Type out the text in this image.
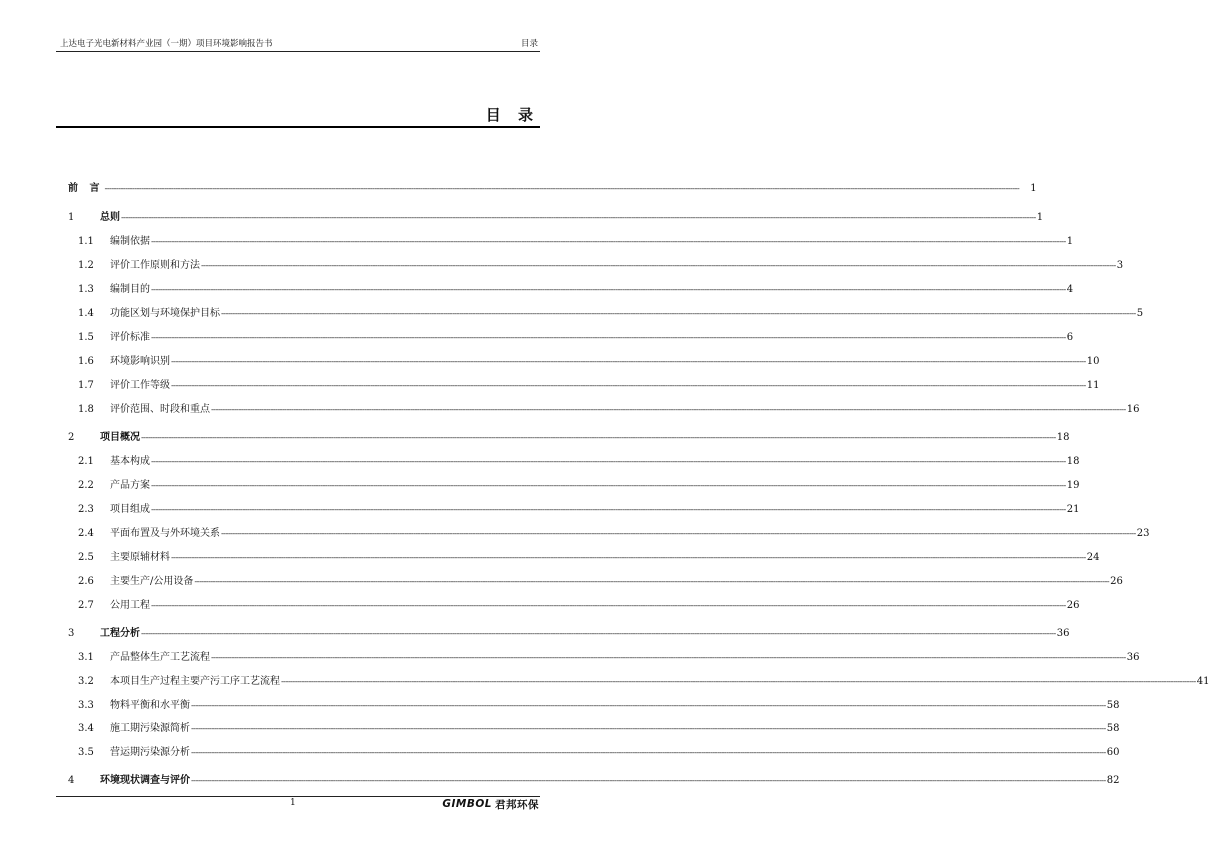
上达电子光电新材料产业园（一期）项目环境影响报告书	目录
目 录
前 言 ----------------------------------------------------------------------------------------------------------------------------------------------------------------------------------------------------------------------------------------------------------------------------------------------------------------------------------------------------------------------------------------------------------------	1
1	总则 ---------------------------------------------------------------------------------------------------------------------------------------------------------------------------------------------------------------------------------------------------------------------------------------------------------------------------------------------------------------------------------------------------------------- 1
1.1 编制依据 ---------------------------------------------------------------------------------------------------------------------------------------------------------------------------------------------------------------------------------------------------------------------------------------------------------------------------------------------------------------------------------------------------------------- 1
1.2 评价工作原则和方法 ---------------------------------------------------------------------------------------------------------------------------------------------------------------------------------------------------------------------------------------------------------------------------------------------------------------------------------------------------------------------------------------------------------------- 3
1.3 编制目的 ---------------------------------------------------------------------------------------------------------------------------------------------------------------------------------------------------------------------------------------------------------------------------------------------------------------------------------------------------------------------------------------------------------------- 4
1.4 功能区划与环境保护目标 ---------------------------------------------------------------------------------------------------------------------------------------------------------------------------------------------------------------------------------------------------------------------------------------------------------------------------------------------------------------------------------------------------------------- 5
1.5 评价标准 ---------------------------------------------------------------------------------------------------------------------------------------------------------------------------------------------------------------------------------------------------------------------------------------------------------------------------------------------------------------------------------------------------------------- 6
1.6 环境影响识别 ---------------------------------------------------------------------------------------------------------------------------------------------------------------------------------------------------------------------------------------------------------------------------------------------------------------------------------------------------------------------------------------------------------------- 10
1.7 评价工作等级 ---------------------------------------------------------------------------------------------------------------------------------------------------------------------------------------------------------------------------------------------------------------------------------------------------------------------------------------------------------------------------------------------------------------- 11
1.8 评价范围、时段和重点 ---------------------------------------------------------------------------------------------------------------------------------------------------------------------------------------------------------------------------------------------------------------------------------------------------------------------------------------------------------------------------------------------------------------- 16
2	项目概况 ---------------------------------------------------------------------------------------------------------------------------------------------------------------------------------------------------------------------------------------------------------------------------------------------------------------------------------------------------------------------------------------------------------------- 18
2.1 基本构成 ---------------------------------------------------------------------------------------------------------------------------------------------------------------------------------------------------------------------------------------------------------------------------------------------------------------------------------------------------------------------------------------------------------------- 18
2.2 产品方案 ---------------------------------------------------------------------------------------------------------------------------------------------------------------------------------------------------------------------------------------------------------------------------------------------------------------------------------------------------------------------------------------------------------------- 19
2.3 项目组成 ---------------------------------------------------------------------------------------------------------------------------------------------------------------------------------------------------------------------------------------------------------------------------------------------------------------------------------------------------------------------------------------------------------------- 21
2.4 平面布置及与外环境关系 ---------------------------------------------------------------------------------------------------------------------------------------------------------------------------------------------------------------------------------------------------------------------------------------------------------------------------------------------------------------------------------------------------------------- 23
2.5 主要原辅材料 ---------------------------------------------------------------------------------------------------------------------------------------------------------------------------------------------------------------------------------------------------------------------------------------------------------------------------------------------------------------------------------------------------------------- 24
2.6 主要生产/公用设备 ---------------------------------------------------------------------------------------------------------------------------------------------------------------------------------------------------------------------------------------------------------------------------------------------------------------------------------------------------------------------------------------------------------------- 26
2.7 公用工程 ---------------------------------------------------------------------------------------------------------------------------------------------------------------------------------------------------------------------------------------------------------------------------------------------------------------------------------------------------------------------------------------------------------------- 26
3	工程分析 ---------------------------------------------------------------------------------------------------------------------------------------------------------------------------------------------------------------------------------------------------------------------------------------------------------------------------------------------------------------------------------------------------------------- 36
3.1 产品整体生产工艺流程 ---------------------------------------------------------------------------------------------------------------------------------------------------------------------------------------------------------------------------------------------------------------------------------------------------------------------------------------------------------------------------------------------------------------- 36
3.2 本项目生产过程主要产污工序工艺流程 ---------------------------------------------------------------------------------------------------------------------------------------------------------------------------------------------------------------------------------------------------------------------------------------------------------------------------------------------------------------------------------------------------------------- 41
3.3 物料平衡和水平衡 ---------------------------------------------------------------------------------------------------------------------------------------------------------------------------------------------------------------------------------------------------------------------------------------------------------------------------------------------------------------------------------------------------------------- 58
3.4 施工期污染源简析 ---------------------------------------------------------------------------------------------------------------------------------------------------------------------------------------------------------------------------------------------------------------------------------------------------------------------------------------------------------------------------------------------------------------- 58
3.5 营运期污染源分析 ---------------------------------------------------------------------------------------------------------------------------------------------------------------------------------------------------------------------------------------------------------------------------------------------------------------------------------------------------------------------------------------------------------------- 60
4	环境现状调查与评价 ---------------------------------------------------------------------------------------------------------------------------------------------------------------------------------------------------------------------------------------------------------------------------------------------------------------------------------------------------------------------------------------------------------------- 82
1	GIMBOL 君邦环保
